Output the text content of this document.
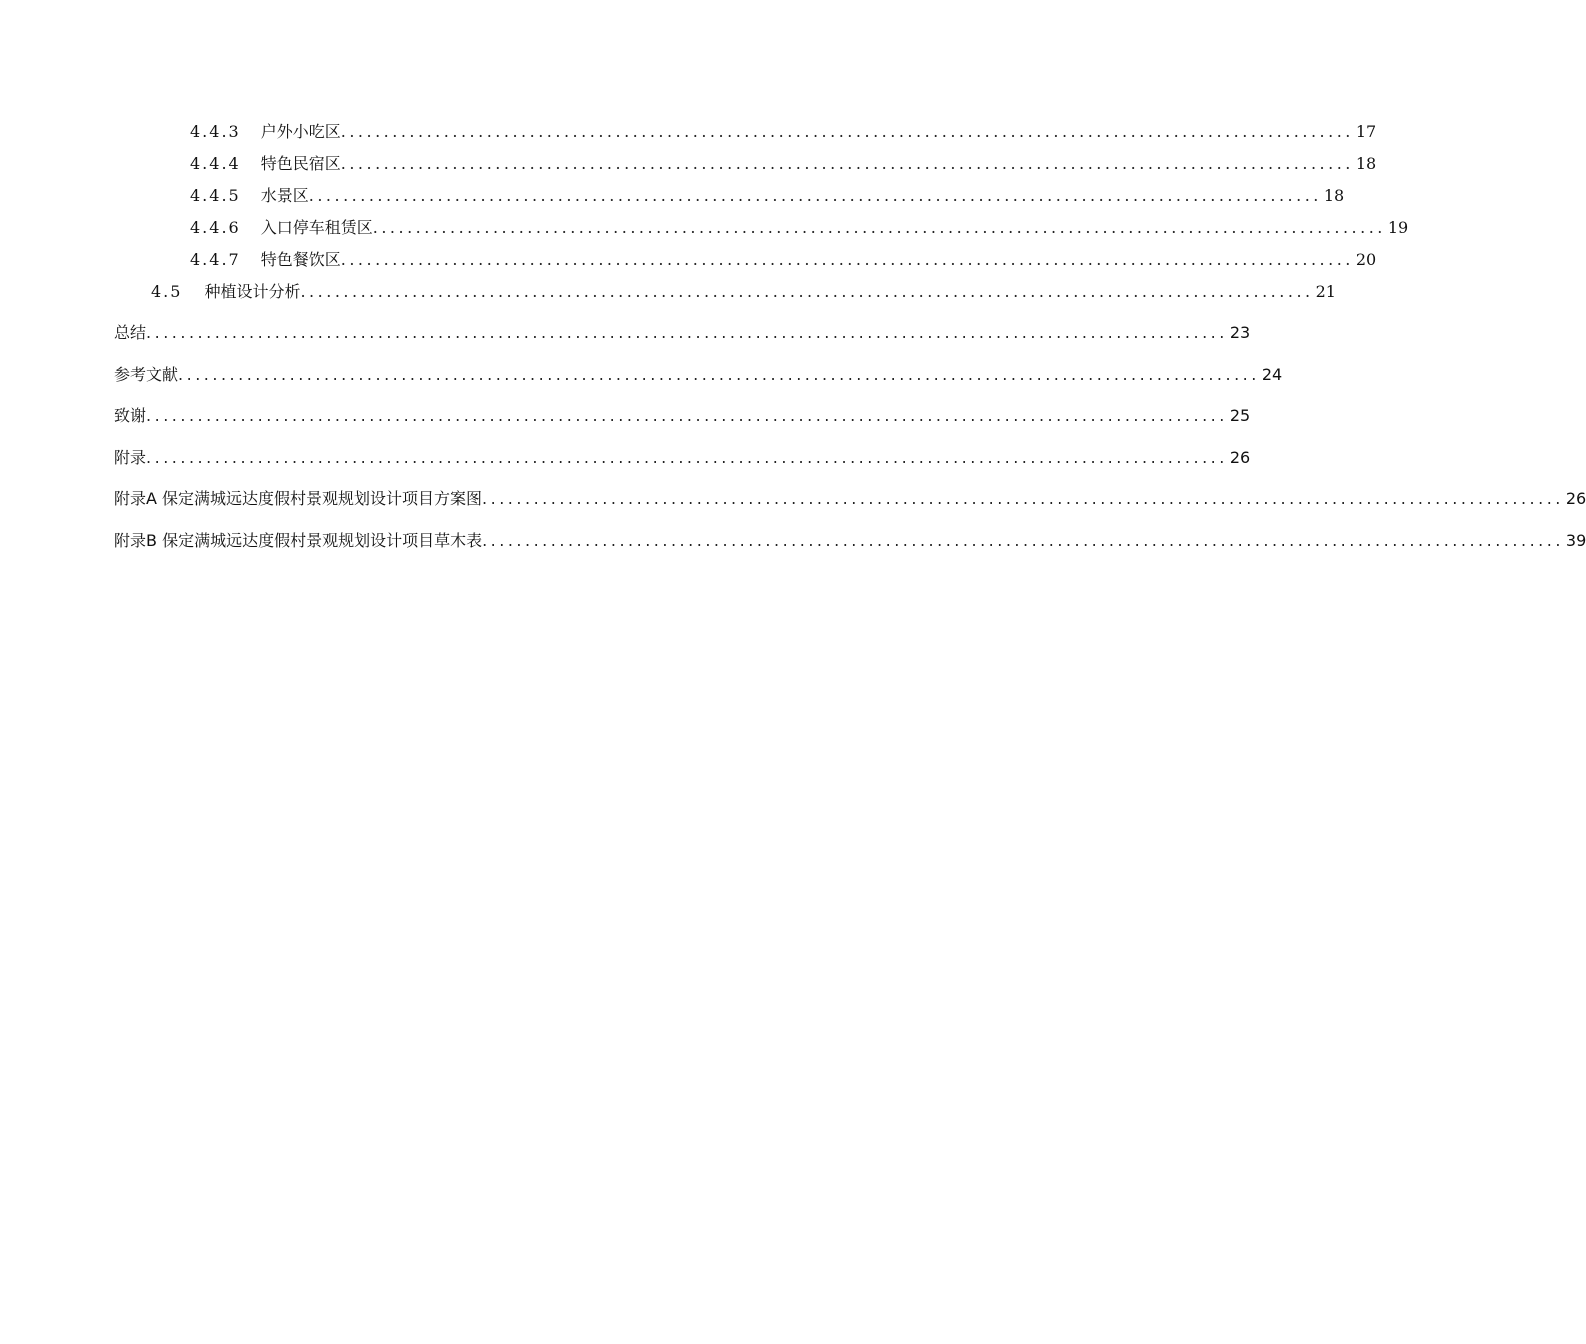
4.4.3 户外小吃区 ...................................................................................................................... 17
4.4.4 特色民宿区 ...................................................................................................................... 18
4.4.5 水景区 ...................................................................................................................... 18
4.4.6 入口停车租赁区 ...................................................................................................................... 19
4.4.7 特色餐饮区 ...................................................................................................................... 20
4.5 种植设计分析 ...................................................................................................................... 21
总结 .............................................................................................................................. 23
参考文献 .............................................................................................................................. 24
致谢 .............................................................................................................................. 25
附录 .............................................................................................................................. 26
附录A 保定满城远达度假村景观规划设计项目方案图 .............................................................................................................................. 26
附录B 保定满城远达度假村景观规划设计项目草木表 .............................................................................................................................. 39
